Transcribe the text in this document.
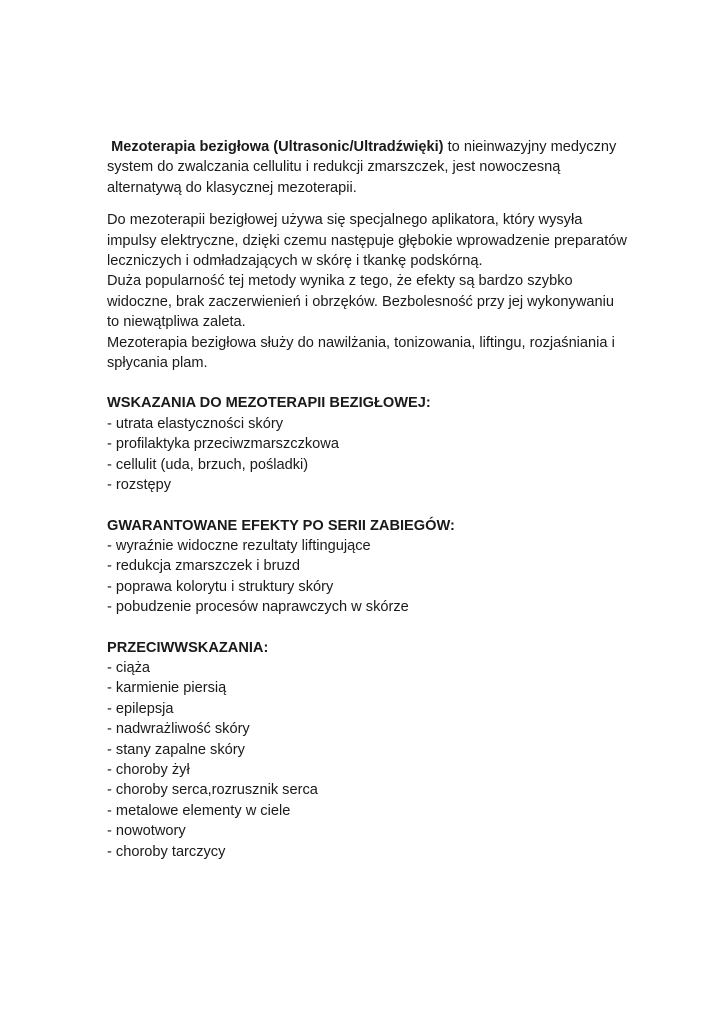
Mezoterapia bezigłowa (Ultrasonic/Ultradźwięki) to nieinwazyjny medyczny system do zwalczania cellulitu i redukcji zmarszczek, jest nowoczesną alternatywą do klasycznej mezoterapii.

Do mezoterapii bezigłowej używa się specjalnego aplikatora, który wysyła impulsy elektryczne, dzięki czemu następuje głębokie wprowadzenie preparatów leczniczych i odmładzających w skórę i tkankę podskórną.

Duża popularność tej metody wynika z tego, że efekty są bardzo szybko widoczne, brak zaczerwienień i obrzęków. Bezbolesność przy jej wykonywaniu to niewątpliwa zaleta.

Mezoterapia bezigłowa służy do nawilżania, tonizowania, liftingu, rozjaśniania i spłycania plam.

WSKAZANIA DO MEZOTERAPII BEZIGŁOWEJ:

- utrata elastyczności skóry
- profilaktyka przeciwzmarszczkowa
- cellulit (uda, brzuch, pośladki)
- rozstępy

GWARANTOWANE EFEKTY PO SERII ZABIEGÓW:

- wyraźnie widoczne rezultaty liftingujące
- redukcja zmarszczek i bruzd
- poprawa kolorytu i struktury skóry
- pobudzenie procesów naprawczych w skórze

PRZECIWWSKAZANIA:

- ciąża
- karmienie piersią
- epilepsja
- nadwrażliwość skóry
- stany zapalne skóry
- choroby żył
- choroby serca,rozrusznik serca
- metalowe elementy w ciele
- nowotwory
- choroby tarczycy
